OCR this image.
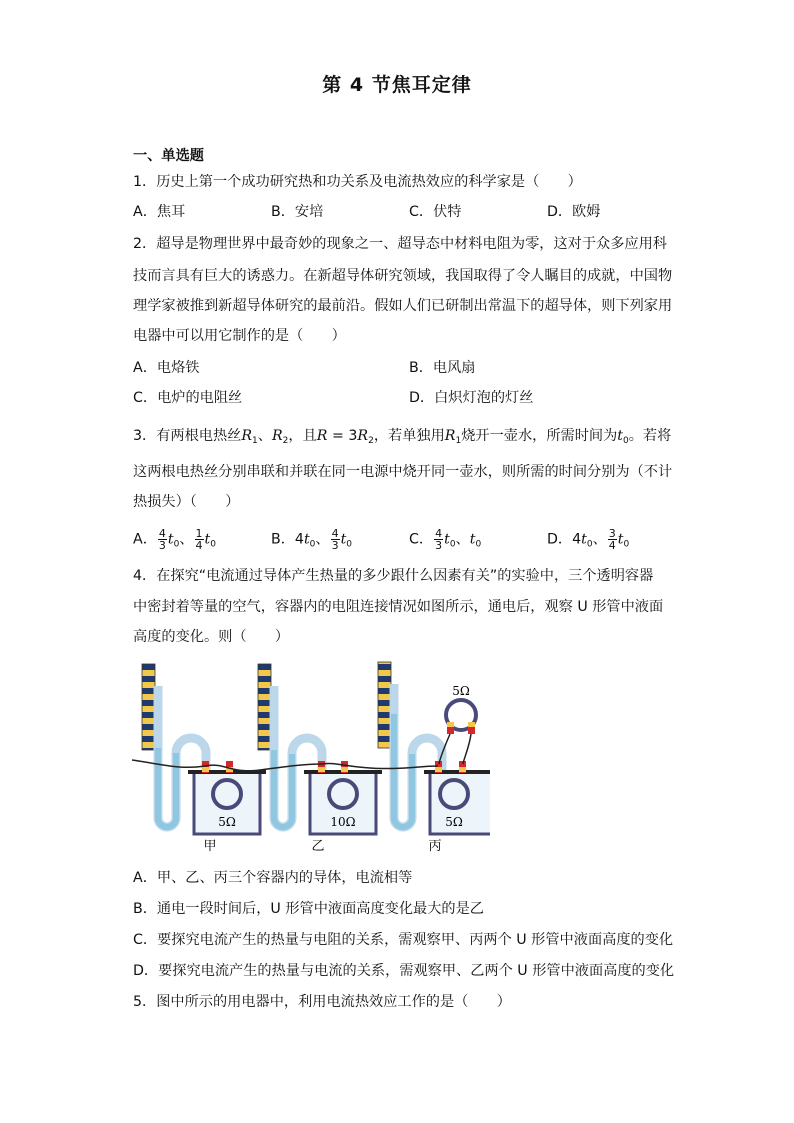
第 4 节焦耳定律
一、单选题
1．历史上第一个成功研究热和功关系及电流热效应的科学家是（　　）
A．焦耳	B．安培	C．伏特	D．欧姆
2．超导是物理世界中最奇妙的现象之一、超导态中材料电阻为零，这对于众多应用科
技而言具有巨大的诱惑力。在新超导体研究领域，我国取得了令人瞩目的成就，中国物
理学家被推到新超导体研究的最前沿。假如人们已研制出常温下的超导体，则下列家用
电器中可以用它制作的是（　　）
A．电烙铁	B．电风扇
C．电炉的电阻丝	D．白炽灯泡的灯丝
3．有两根电热丝$R_1$、$R_2$，且$R = 3R_2$，若单独用$R_1$烧开一壶水，所需时间为$t_0$。若将
这两根电热丝分别串联和并联在同一电源中烧开同一壶水，则所需的时间分别为（不计
热损失）（　　）
A． $\frac{4}{3} t_0$、 $\frac{1}{4} t_0$	B．$4t_0$、 $\frac{4}{3} t_0$	C． $\frac{4}{3} t_0$、$t_0$	D．$4t_0$、 $\frac{3}{4} t_0$
4．在探究“电流通过导体产生热量的多少跟什么因素有关”的实验中，三个透明容器
中密封着等量的空气，容器内的电阻连接情况如图所示，通电后，观察 U 形管中液面
高度的变化。则（　　）
5Ω
甲
10Ω
乙
5Ω
丙
5Ω
A．甲、乙、丙三个容器内的导体，电流相等
B．通电一段时间后，U 形管中液面高度变化最大的是乙
C．要探究电流产生的热量与电阻的关系，需观察甲、丙两个 U 形管中液面高度的变化
D．要探究电流产生的热量与电流的关系，需观察甲、乙两个 U 形管中液面高度的变化
5．图中所示的用电器中，利用电流热效应工作的是（　　）
